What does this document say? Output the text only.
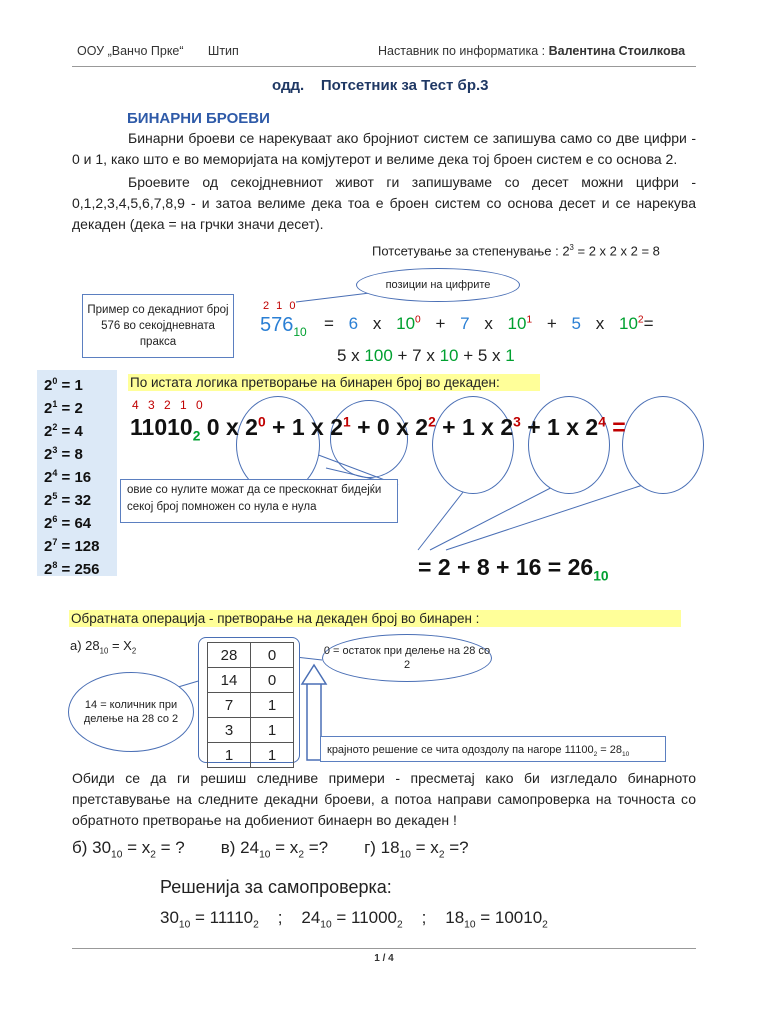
ООУ „Ванчо Прке“ Штип	Наставник по информатика : Валентина Стоилкова
одд. Потсетник за Тест бр.3
БИНАРНИ БРОЕВИ
Бинарни броеви се нарекуваат ако бројниот систем се запишува само со две цифри - 0 и 1, како што е во меморијата на комјутерот и велиме дека тој броен систем е со основа 2.
Броевите од секојдневниот живот ги запишуваме со десет можни цифри - 0,1,2,3,4,5,6,7,8,9 - и затоа велиме дека тоа е броен систем со основа десет и се нарекува декаден (дека = на грчки значи десет).
Потсетување за степенување : $2^3 = 2$ x 2 x 2 = 8
позиции на цифрите
Пример со декадниот број 576 во секојдневната пракса
2 1 0
$576_{10} = 6$ x $10^0 + 7$ x $10^1 + 5$ x $10^2=$
5 x 100 + 7 x 10 + 5 x 1
$2^0 = 1$
$2^1 = 2$
$2^2 = 4$
$2^3 = 8$
$2^4 = 16$
$2^5 = 32$
$2^6 = 64$
$2^7 = 128$
$2^8 = 256$
По истата логика претворање на бинарен број во декаден:
4 3 2 1 0
$11010_2$ 0 x $2^0 + 1$ x $2^1 + 0$ x $2^2 + 1$ x $2^3 + 1$ x $2^4$ =
овие со нулите можат да се прескокнат бидејќи секој број помножен со нула е нула
= $2 + 8 + 16 = 26_{10}$
Обратната операција - претворање на декаден број во бинарен :
а) $28_{10} = X_2$	28	0
14	0
7	1
3	1
1	1
0 = остаток при делење на 28 со 2
14 = количник при делење на 28 со 2
крајното решение се чита одоздолу па нагоре $11100_2 = 28_{10}$
Обиди се да ги решиш следниве примери - пресметај како би изгледало бинарното претставување на следните декадни броеви, а потоа направи самопроверка на точноста со обратното претворање на добиениот бинаерн во декаден !
б) $30_{10} = x_2$ = ? в) $24_{10} = x_2$ =? г) $18_{10} = x_2$ =?
Решенија за самопроверка:
$30_{10} = 11110_2$ ; $24_{10} = 11000_2$ ; $18_{10} = 10010_2$
1 / 4
